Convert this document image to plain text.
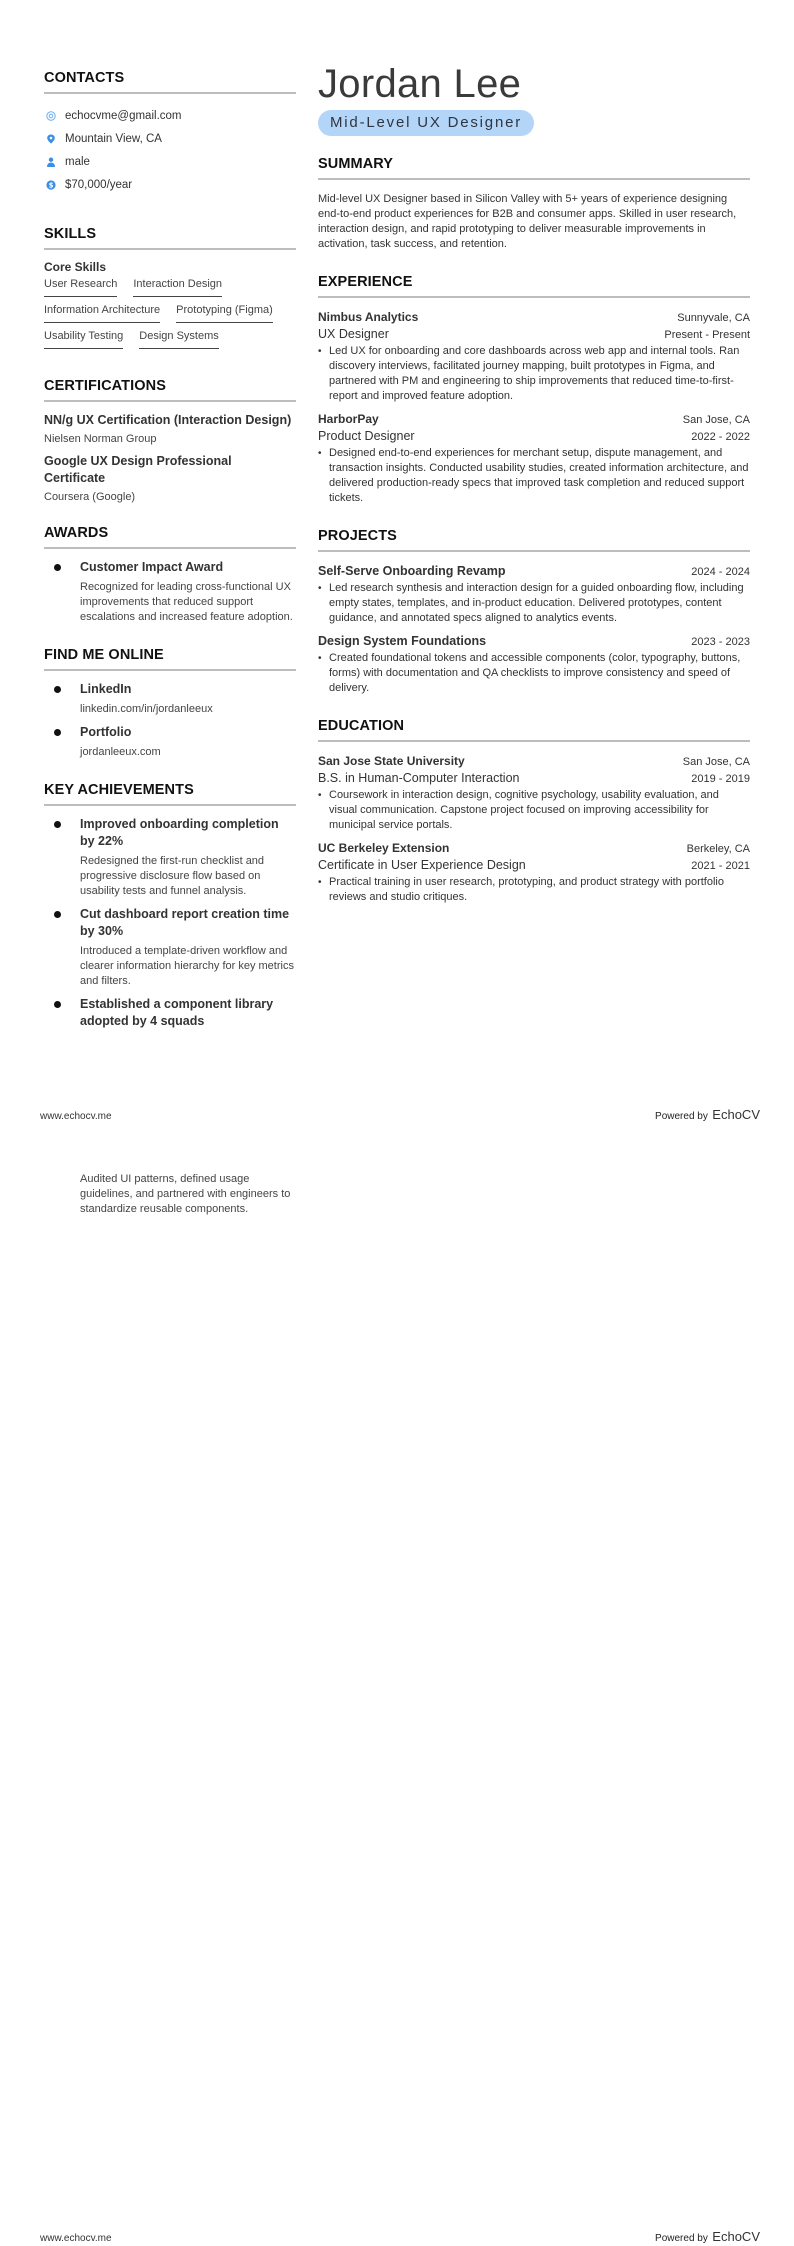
CONTACTS
echocvme@gmail.com
Mountain View, CA
male
$ $70,000/year
SKILLS
Core Skills
User Research Interaction Design
Information Architecture Prototyping (Figma)
Usability Testing Design Systems
CERTIFICATIONS
NN/g UX Certification (Interaction Design)
Nielsen Norman Group
Google UX Design Professional Certificate
Coursera (Google)
AWARDS
Customer Impact Award
Recognized for leading cross-functional UX improvements that reduced support escalations and increased feature adoption.
FIND ME ONLINE
LinkedIn
linkedin.com/in/jordanleeux
Portfolio
jordanleeux.com
KEY ACHIEVEMENTS
Improved onboarding completion by 22%
Redesigned the first-run checklist and progressive disclosure flow based on usability tests and funnel analysis.
Cut dashboard report creation time by 30%
Introduced a template-driven workflow and clearer information hierarchy for key metrics and filters.
Established a component library adopted by 4 squads
Jordan Lee
Mid-Level UX Designer
SUMMARY
Mid-level UX Designer based in Silicon Valley with 5+ years of experience designing end-to-end product experiences for B2B and consumer apps. Skilled in user research, interaction design, and rapid prototyping to deliver measurable improvements in activation, task success, and retention.
EXPERIENCE
Nimbus Analytics	Sunnyvale, CA
UX Designer	Present - Present
• Led UX for onboarding and core dashboards across web app and internal tools. Ran discovery interviews, facilitated journey mapping, built prototypes in Figma, and partnered with PM and engineering to ship improvements that reduced time-to-first-report and improved feature adoption.
HarborPay	San Jose, CA
Product Designer	2022 - 2022
• Designed end-to-end experiences for merchant setup, dispute management, and transaction insights. Conducted usability studies, created information architecture, and delivered production-ready specs that improved task completion and reduced support tickets.
PROJECTS
Self-Serve Onboarding Revamp	2024 - 2024
• Led research synthesis and interaction design for a guided onboarding flow, including empty states, templates, and in-product education. Delivered prototypes, content guidance, and annotated specs aligned to analytics events.
Design System Foundations	2023 - 2023
• Created foundational tokens and accessible components (color, typography, buttons, forms) with documentation and QA checklists to improve consistency and speed of delivery.
EDUCATION
San Jose State University	San Jose, CA
B.S. in Human-Computer Interaction	2019 - 2019
• Coursework in interaction design, cognitive psychology, usability evaluation, and visual communication. Capstone project focused on improving accessibility for municipal service portals.
UC Berkeley Extension	Berkeley, CA
Certificate in User Experience Design	2021 - 2021
• Practical training in user research, prototyping, and product strategy with portfolio reviews and studio critiques.
www.echocv.me	Powered by EchoCV
Audited UI patterns, defined usage guidelines, and partnered with engineers to standardize reusable components.
www.echocv.me	Powered by EchoCV
